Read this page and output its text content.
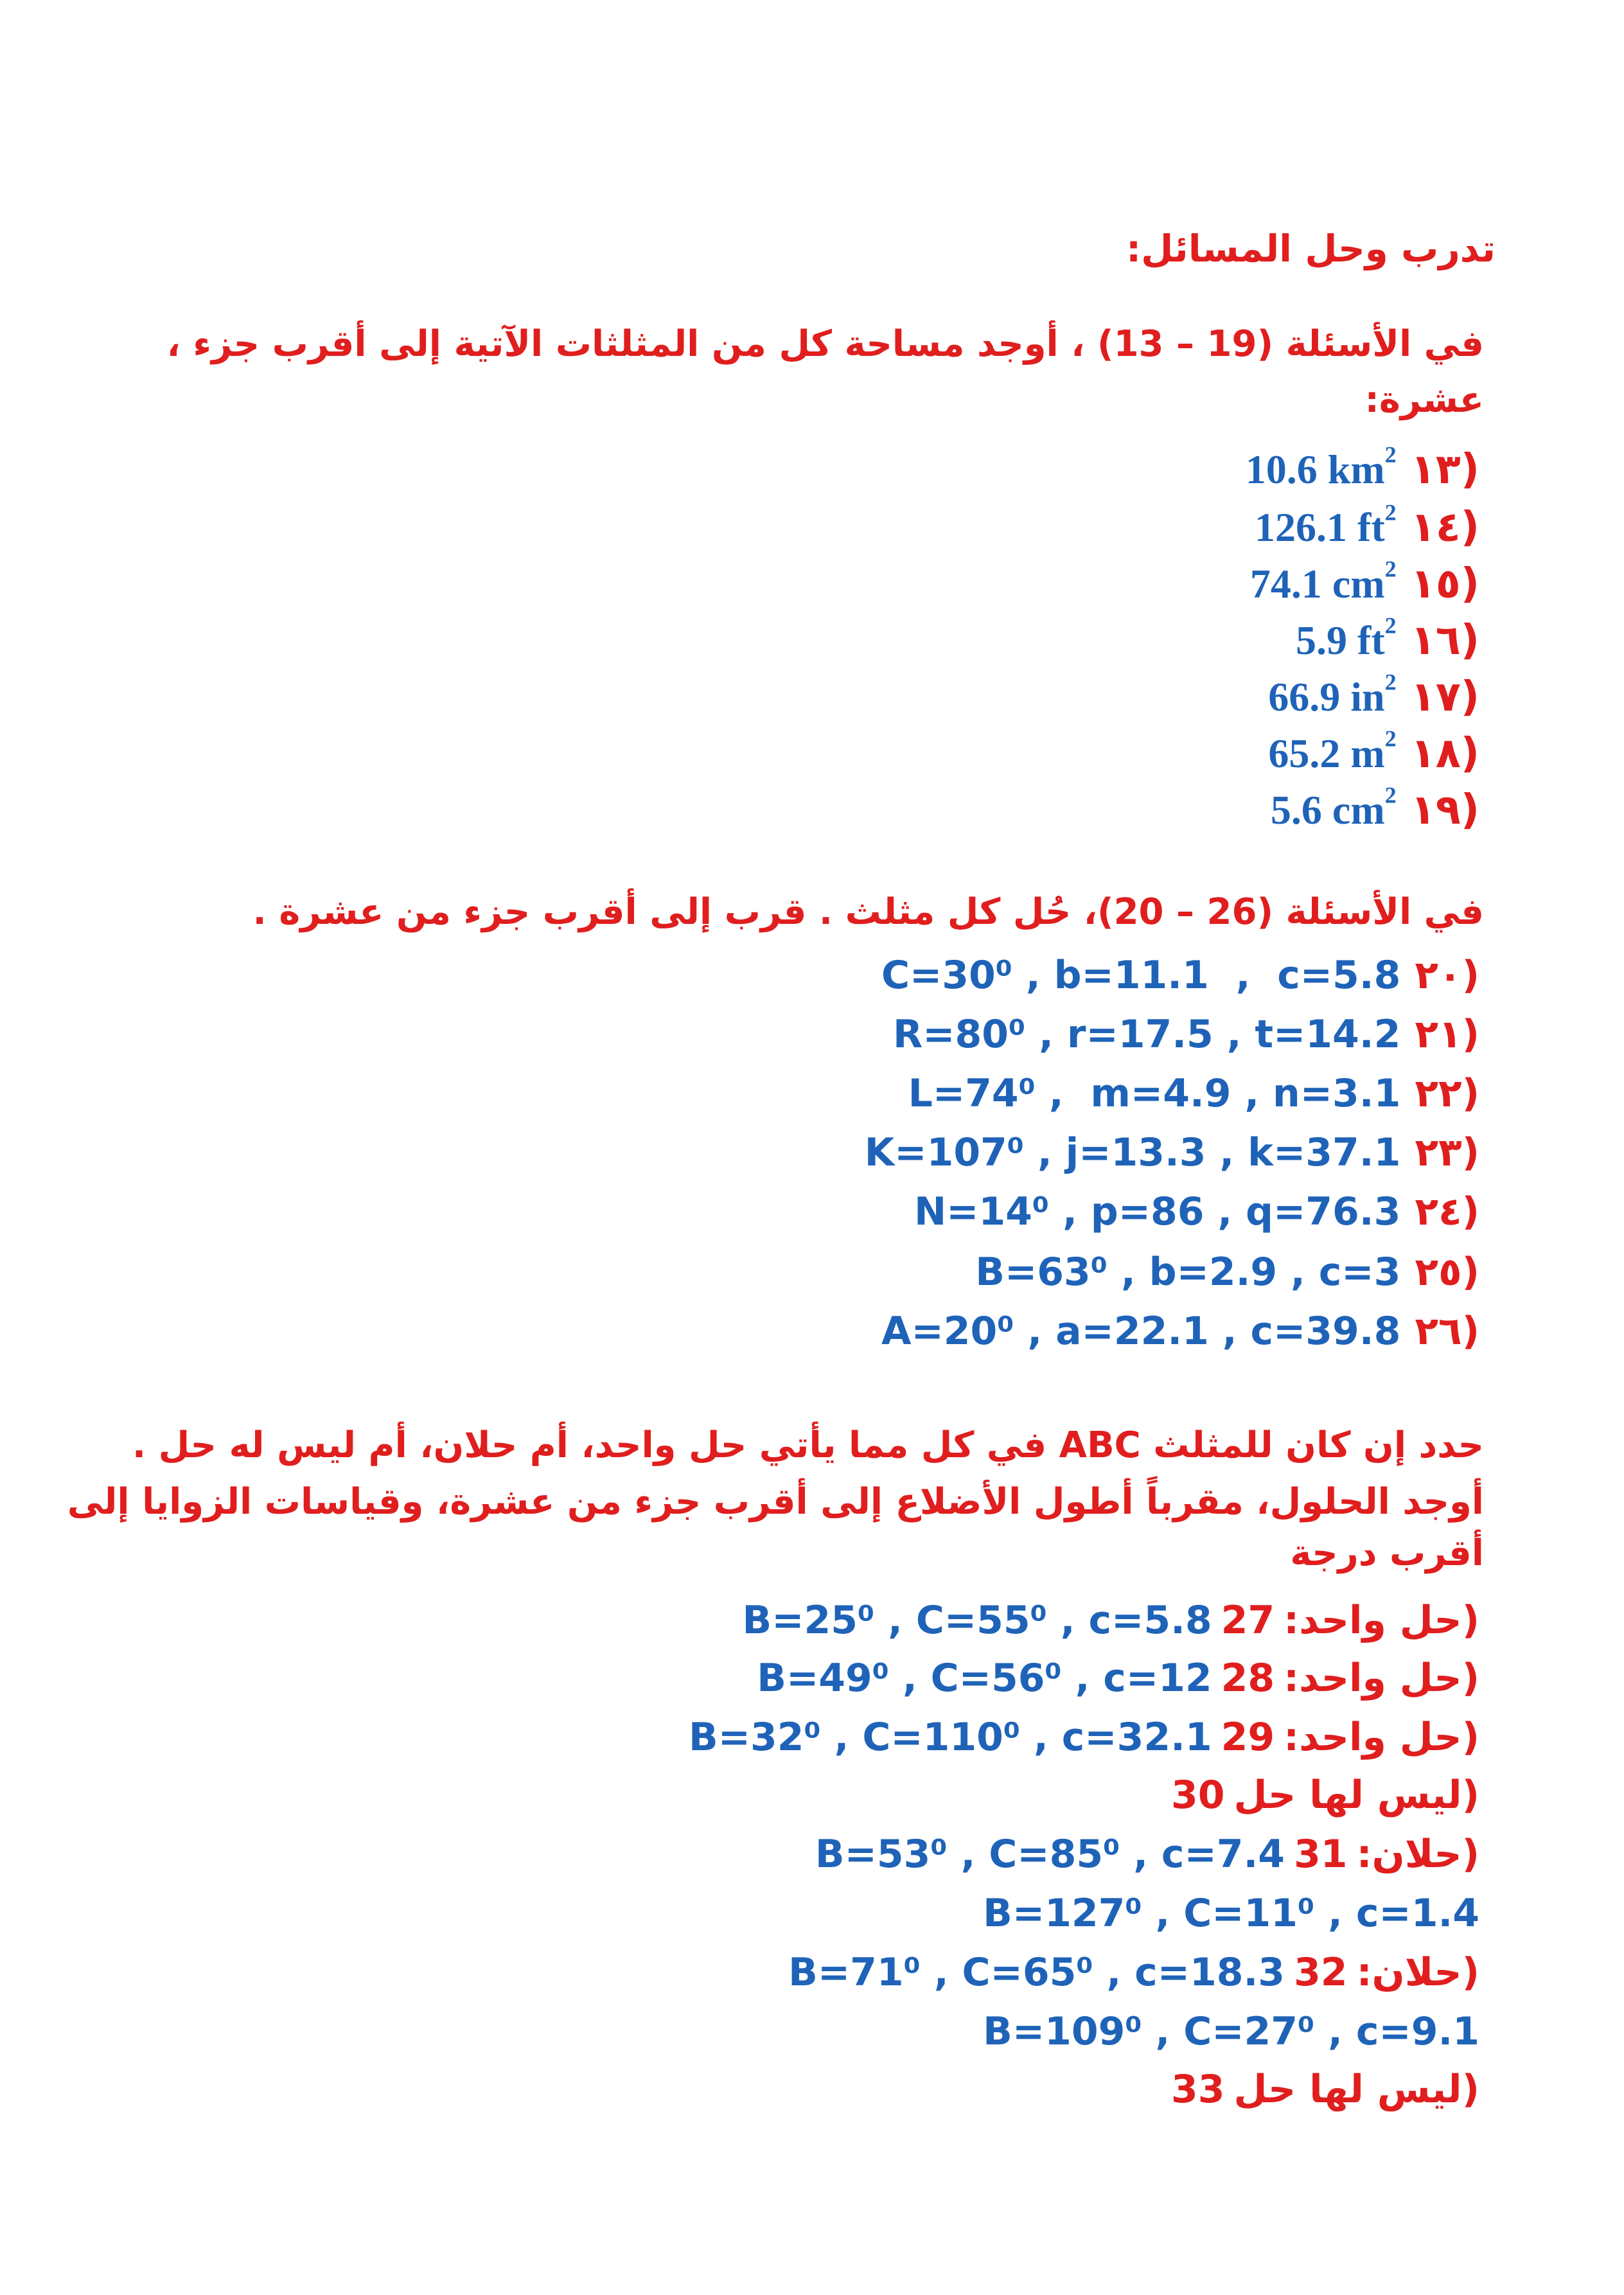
تدرب وحل المسائل:
في الأسئلة (19 – 13) ، أوجد مساحة كل من المثلثات الآتية إلى أقرب جزء ،
عشرة:
10.6 $km^2$ ١٣)
126.1 $ft^2$ ١٤)
74.1 $cm^2$ ١٥)
5.9 $ft^2$ ١٦)
66.9 $in^2$ ١٧)
65.2 $m^2$ ١٨)
5.6 $cm^2$ ١٩)
في الأسئلة (26 – 20)، حُل كل مثلث . قرب إلى أقرب جزء من عشرة .
C=30⁰ , b=11.1  ,  c=5.8 ٢٠)
R=80⁰ , r=17.5 , t=14.2 ٢١)
L=74⁰ ,  m=4.9 , n=3.1 ٢٢)
K=107⁰ , j=13.3 , k=37.1 ٢٣)
N=14⁰ , p=86 , q=76.3 ٢٤)
B=63⁰ , b=2.9 , c=3 ٢٥)
A=20⁰ , a=22.1 , c=39.8 ٢٦)
حدد إن كان للمثلث ABC في كل مما يأتي حل واحد، أم حلان، أم ليس له حل .
أوجد الحلول، مقرباً أطول الأضلاع إلى أقرب جزء من عشرة، وقياسات الزوايا إلى
أقرب درجة
B=25⁰ , C=55⁰ , c=5.8 حل واحد:27)
B=49⁰ , C=56⁰ , c=12 حل واحد:28)
B=32⁰ , C=110⁰ , c=32.1 حل واحد:29)
ليس لها حل30)
B=53⁰ , C=85⁰ , c=7.4 حلان:31)
B=127⁰ , C=11⁰ , c=1.4
B=71⁰ , C=65⁰ , c=18.3 حلان:32)
B=109⁰ , C=27⁰ , c=9.1
ليس لها حل33)
